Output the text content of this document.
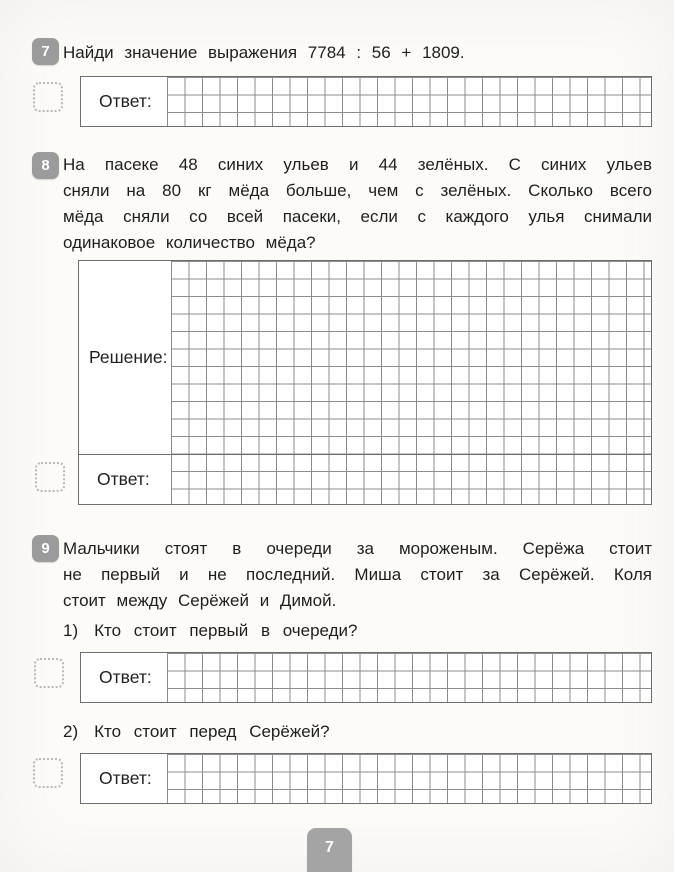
7 Найди значение выражения 7784 : 56 + 1809.
Ответ:
8 На пасеке 48 синих ульев и 44 зелёных. С синих ульев
сняли на 80 кг мёда больше, чем с зелёных. Сколько всего
мёда сняли со всей пасеки, если с каждого улья снимали
одинаковое количество мёда?
Решение:
Ответ:
9 Мальчики стоят в очереди за мороженым. Серёжа стоит
не первый и не последний. Миша стоит за Серёжей. Коля
стоит между Серёжей и Димой.
1) Кто стоит первый в очереди?
Ответ:
2) Кто стоит перед Серёжей?
Ответ:
7
